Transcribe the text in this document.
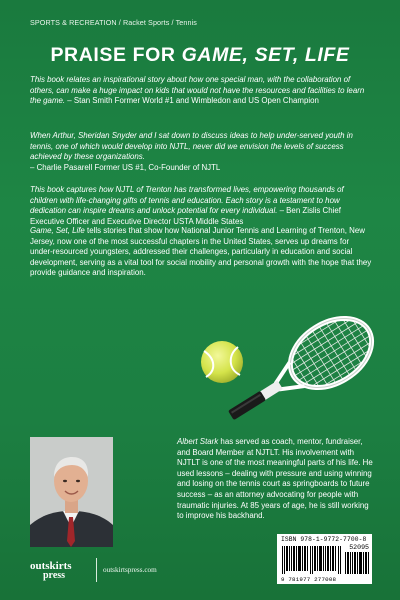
SPORTS & RECREATION / Racket Sports / Tennis
PRAISE FOR GAME, SET, LIFE
This book relates an inspirational story about how one special man, with the collaboration of others, can make a huge impact on kids that would not have the resources and facilities to learn the game. – Stan Smith Former World #1 and Wimbledon and US Open Champion
When Arthur, Sheridan Snyder and I sat down to discuss ideas to help under-served youth in tennis, one of which would develop into NJTL, never did we envision the levels of success achieved by these organizations.
– Charlie Pasarell Former US #1, Co-Founder of NJTL
This book captures how NJTL of Trenton has transformed lives, empowering thousands of children with life-changing gifts of tennis and education. Each story is a testament to how dedication can inspire dreams and unlock potential for every individual. – Ben Zislis Chief Executive Officer and Executive Director USTA Middle States
Game, Set, Life tells stories that show how National Junior Tennis and Learning of Trenton, New Jersey, now one of the most successful chapters in the United States, serves up dreams for under-resourced youngsters, addressed their challenges, particularly in education and social development, serving as a vital tool for social mobility and personal growth with the hope that they provide guidance and inspiration.
Albert Stark has served as coach, mentor, fundraiser, and Board Member at NJTLT. His involvement with NJTLT is one of the most meaningful parts of his life. He used lessons – dealing with pressure and using winning and losing on the tennis court as springboards to future success – as an attorney advocating for people with traumatic injuries. At 85 years of age, he is still working to improve his backhand.
ISBN 978-1-9772-7700-8
52095
9 781977 277008
outskirts
press	outskirtspress.com
